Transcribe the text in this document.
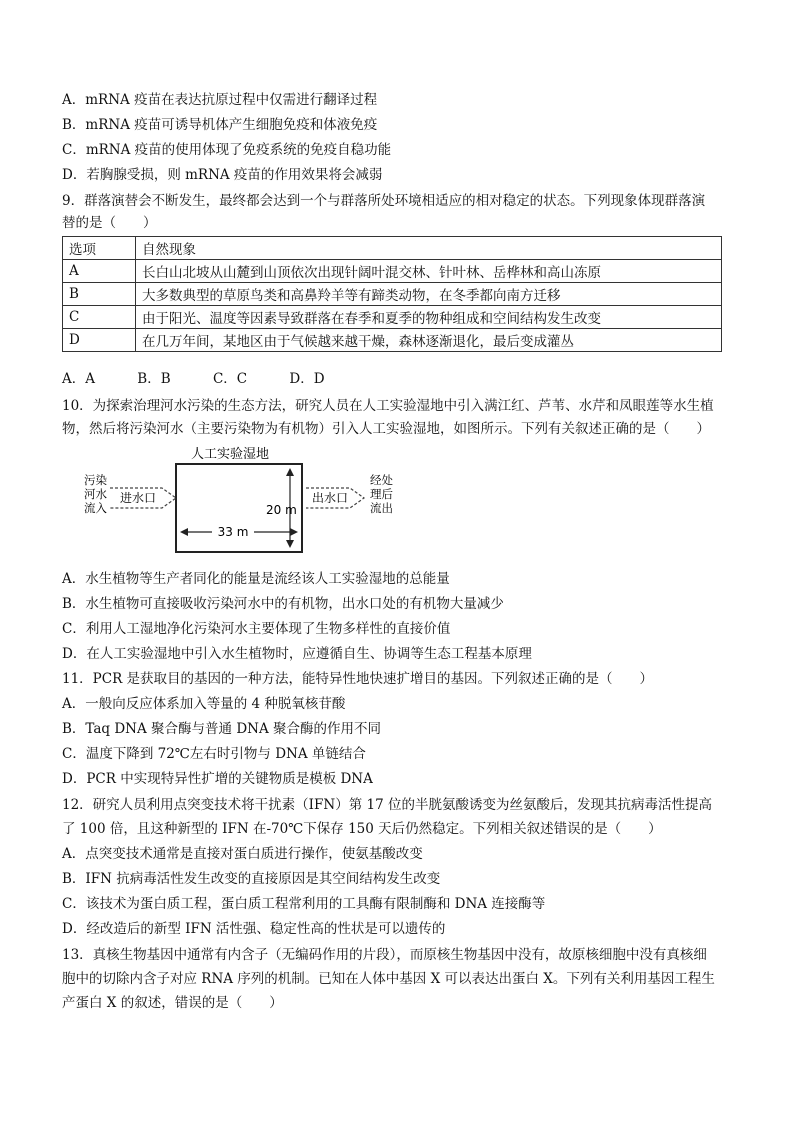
A．mRNA 疫苗在表达抗原过程中仅需进行翻译过程
B．mRNA 疫苗可诱导机体产生细胞免疫和体液免疫
C．mRNA 疫苗的使用体现了免疫系统的免疫自稳功能
D．若胸腺受损，则 mRNA 疫苗的作用效果将会减弱
9．群落演替会不断发生，最终都会达到一个与群落所处环境相适应的相对稳定的状态。下列现象体现群落演
替的是（　　）
选项	自然现象
A	长白山北坡从山麓到山顶依次出现针阔叶混交林、针叶林、岳桦林和高山冻原
B	大多数典型的草原鸟类和高鼻羚羊等有蹄类动物，在冬季都向南方迁移
C	由于阳光、温度等因素导致群落在春季和夏季的物种组成和空间结构发生改变
D	在几万年间，某地区由于气候越来越干燥，森林逐渐退化，最后变成灌丛
A．A	B．B	C．C	D．D
10．为探索治理河水污染的生态方法，研究人员在人工实验湿地中引入满江红、芦苇、水芹和凤眼莲等水生植
物，然后将污染河水（主要污染物为有机物）引入人工实验湿地，如图所示。下列有关叙述正确的是（　　）
人工实验湿地
污染
河水
流入
进水口
20 m
出水口
经处
理后
流出
33 m
A．水生植物等生产者同化的能量是流经该人工实验湿地的总能量
B．水生植物可直接吸收污染河水中的有机物，出水口处的有机物大量减少
C．利用人工湿地净化污染河水主要体现了生物多样性的直接价值
D．在人工实验湿地中引入水生植物时，应遵循自生、协调等生态工程基本原理
11．PCR 是获取目的基因的一种方法，能特异性地快速扩增目的基因。下列叙述正确的是（　　）
A．一般向反应体系加入等量的 4 种脱氧核苷酸
B．Taq DNA 聚合酶与普通 DNA 聚合酶的作用不同
C．温度下降到 72℃左右时引物与 DNA 单链结合
D．PCR 中实现特异性扩增的关键物质是模板 DNA
12．研究人员利用点突变技术将干扰素（IFN）第 17 位的半胱氨酸诱变为丝氨酸后，发现其抗病毒活性提高
了 100 倍，且这种新型的 IFN 在-70℃下保存 150 天后仍然稳定。下列相关叙述错误的是（　　）
A．点突变技术通常是直接对蛋白质进行操作，使氨基酸改变
B．IFN 抗病毒活性发生改变的直接原因是其空间结构发生改变
C．该技术为蛋白质工程，蛋白质工程常利用的工具酶有限制酶和 DNA 连接酶等
D．经改造后的新型 IFN 活性强、稳定性高的性状是可以遗传的
13．真核生物基因中通常有内含子（无编码作用的片段），而原核生物基因中没有，故原核细胞中没有真核细
胞中的切除内含子对应 RNA 序列的机制。已知在人体中基因 X 可以表达出蛋白 X。下列有关利用基因工程生
产蛋白 X 的叙述，错误的是（　　）
